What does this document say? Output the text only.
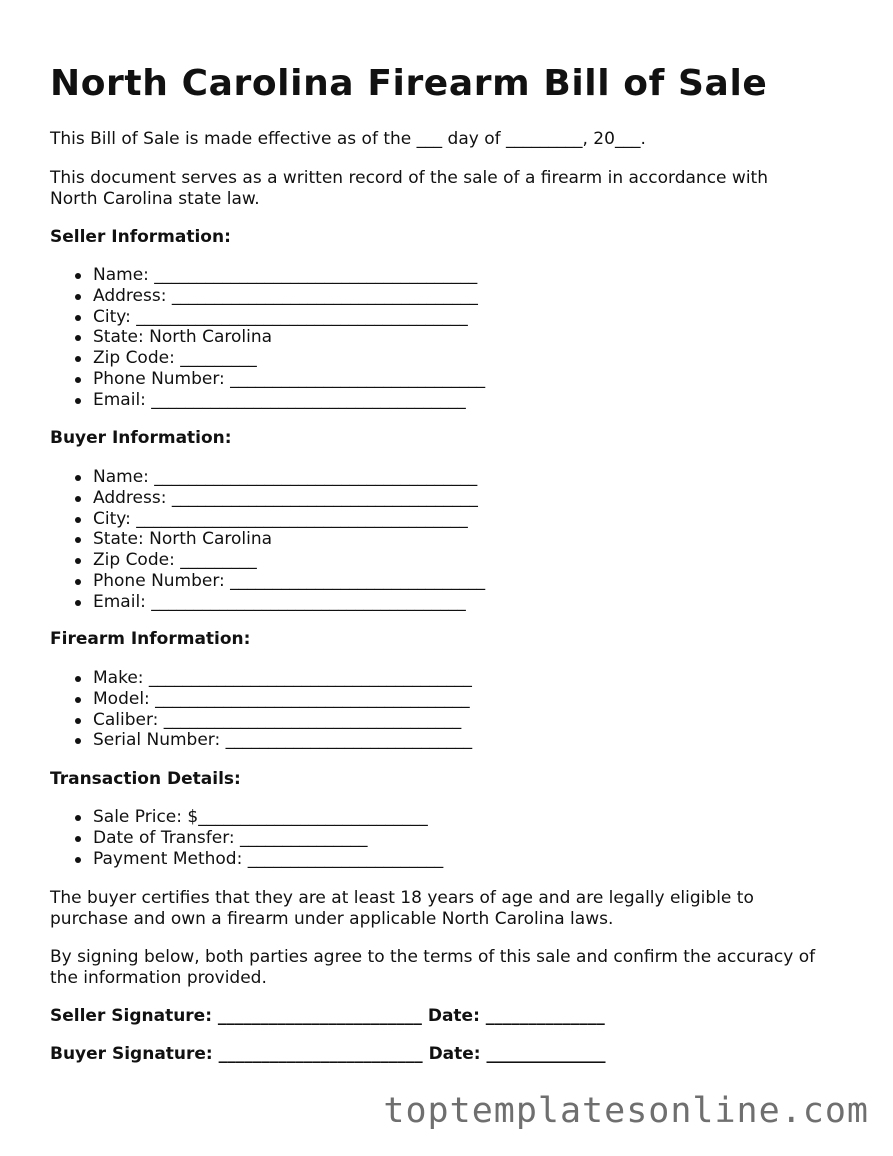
North Carolina Firearm Bill of Sale

This Bill of Sale is made effective as of the ___ day of _________, 20___.

This document serves as a written record of the sale of a firearm in accordance with North Carolina state law.

Seller Information:

Name: ______________________________________
Address: ____________________________________
City: _______________________________________
State: North Carolina
Zip Code: _________
Phone Number: ______________________________
Email: _____________________________________

Buyer Information:

Name: ______________________________________
Address: ____________________________________
City: _______________________________________
State: North Carolina
Zip Code: _________
Phone Number: ______________________________
Email: _____________________________________

Firearm Information:

Make: ______________________________________
Model: _____________________________________
Caliber: ___________________________________
Serial Number: _____________________________

Transaction Details:

Sale Price: $___________________________
Date of Transfer: _______________
Payment Method: _______________________

The buyer certifies that they are at least 18 years of age and are legally eligible to purchase and own a firearm under applicable North Carolina laws.

By signing below, both parties agree to the terms of this sale and confirm the accuracy of the information provided.

Seller Signature: ________________________ Date: ______________

Buyer Signature: ________________________ Date: ______________

toptemplatesonline.com
